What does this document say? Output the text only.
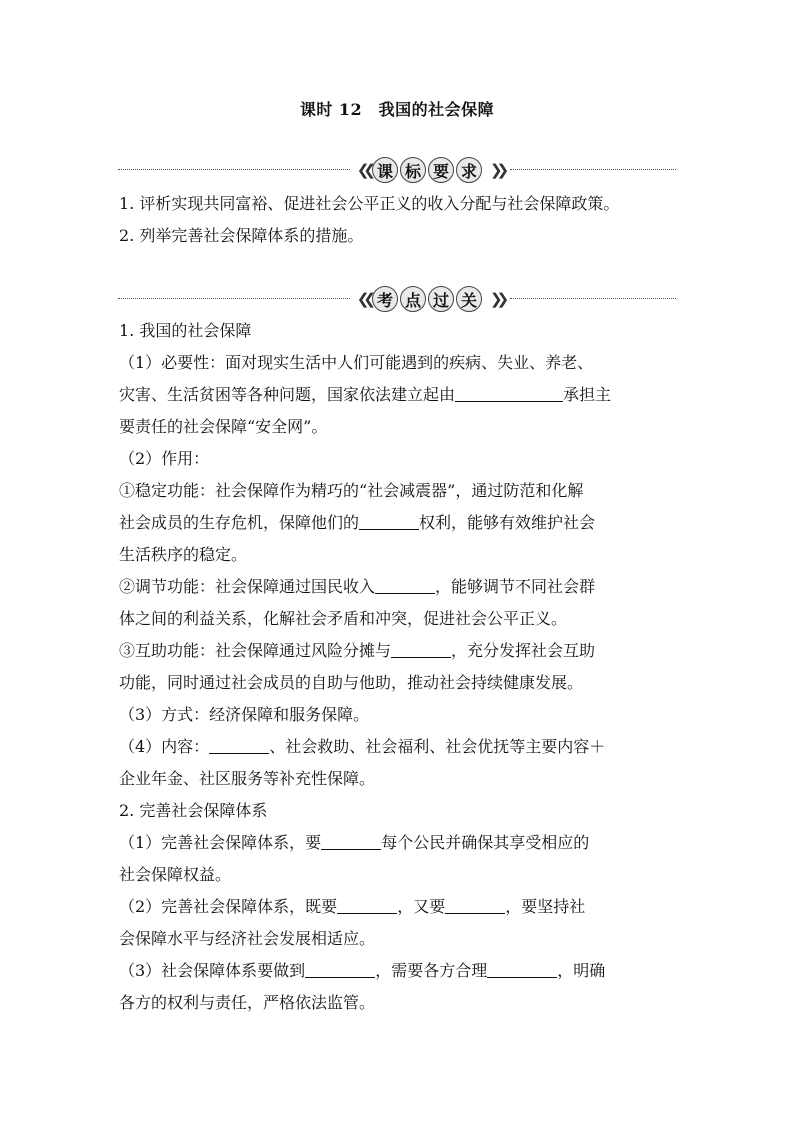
课时 12　我国的社会保障
❮❮ 课 标 要 求 ❯❯

1. 评析实现共同富裕、促进社会公平正义的收入分配与社会保障政策。

2. 列举完善社会保障体系的措施。

❮❮ 考 点 过 关 ❯❯

1. 我国的社会保障

（1）必要性：面对现实生活中人们可能遇到的疾病、失业、养老、

灾害、生活贫困等各种问题，国家依法建立起由	承担主

要责任的社会保障“安全网”。

（2）作用：

①稳定功能：社会保障作为精巧的“社会减震器”，通过防范和化解

社会成员的生存危机，保障他们的	权利，能够有效维护社会

生活秩序的稳定。

②调节功能：社会保障通过国民收入	，能够调节不同社会群

体之间的利益关系，化解社会矛盾和冲突，促进社会公平正义。

③互助功能：社会保障通过风险分摊与	，充分发挥社会互助

功能，同时通过社会成员的自助与他助，推动社会持续健康发展。

（3）方式：经济保障和服务保障。

（4）内容：	、社会救助、社会福利、社会优抚等主要内容＋

企业年金、社区服务等补充性保障。

2. 完善社会保障体系

（1）完善社会保障体系，要	每个公民并确保其享受相应的

社会保障权益。

（2）完善社会保障体系，既要	，又要	，要坚持社

会保障水平与经济社会发展相适应。

（3）社会保障体系要做到	，需要各方合理	，明确

各方的权利与责任，严格依法监管。
